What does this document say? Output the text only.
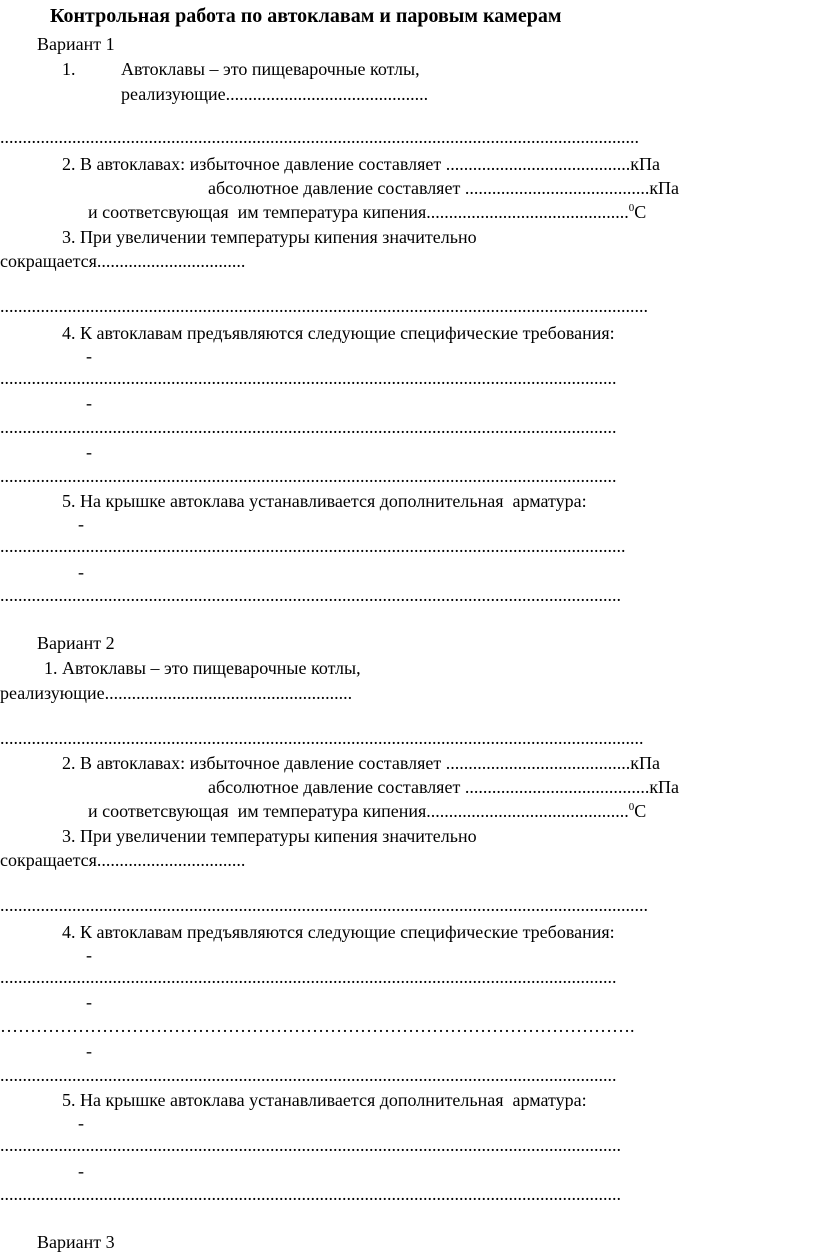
Контрольная работа по автоклавам и паровым камерам
Вариант 1
1.	Автоклавы – это пищеварочные котлы,
реализующие.............................................
..............................................................................................................................................
2. В автоклавах: избыточное давление составляет .........................................кПа
абсолютное давление составляет .........................................кПа
и соответсвующая  им температура кипения.............................................$^0$С
3. При увеличении температуры кипения значительно
сокращается.................................
................................................................................................................................................
4. К автоклавам предъявляются следующие специфические требования:
-
.........................................................................................................................................
-
.........................................................................................................................................
-
.........................................................................................................................................
5. На крышке автоклава устанавливается дополнительная  арматура:
-
...........................................................................................................................................
-
..........................................................................................................................................
Вариант 2
1. Автоклавы – это пищеварочные котлы,
реализующие.......................................................
...............................................................................................................................................
2. В автоклавах: избыточное давление составляет .........................................кПа
абсолютное давление составляет .........................................кПа
и соответсвующая  им температура кипения.............................................$^0$С
3. При увеличении температуры кипения значительно
сокращается.................................
................................................................................................................................................
4. К автоклавам предъявляются следующие специфические требования:
-
.........................................................................................................................................
-
…………………………………………………………………………………………….
-
.........................................................................................................................................
5. На крышке автоклава устанавливается дополнительная  арматура:
-
..........................................................................................................................................
-
..........................................................................................................................................
Вариант 3
